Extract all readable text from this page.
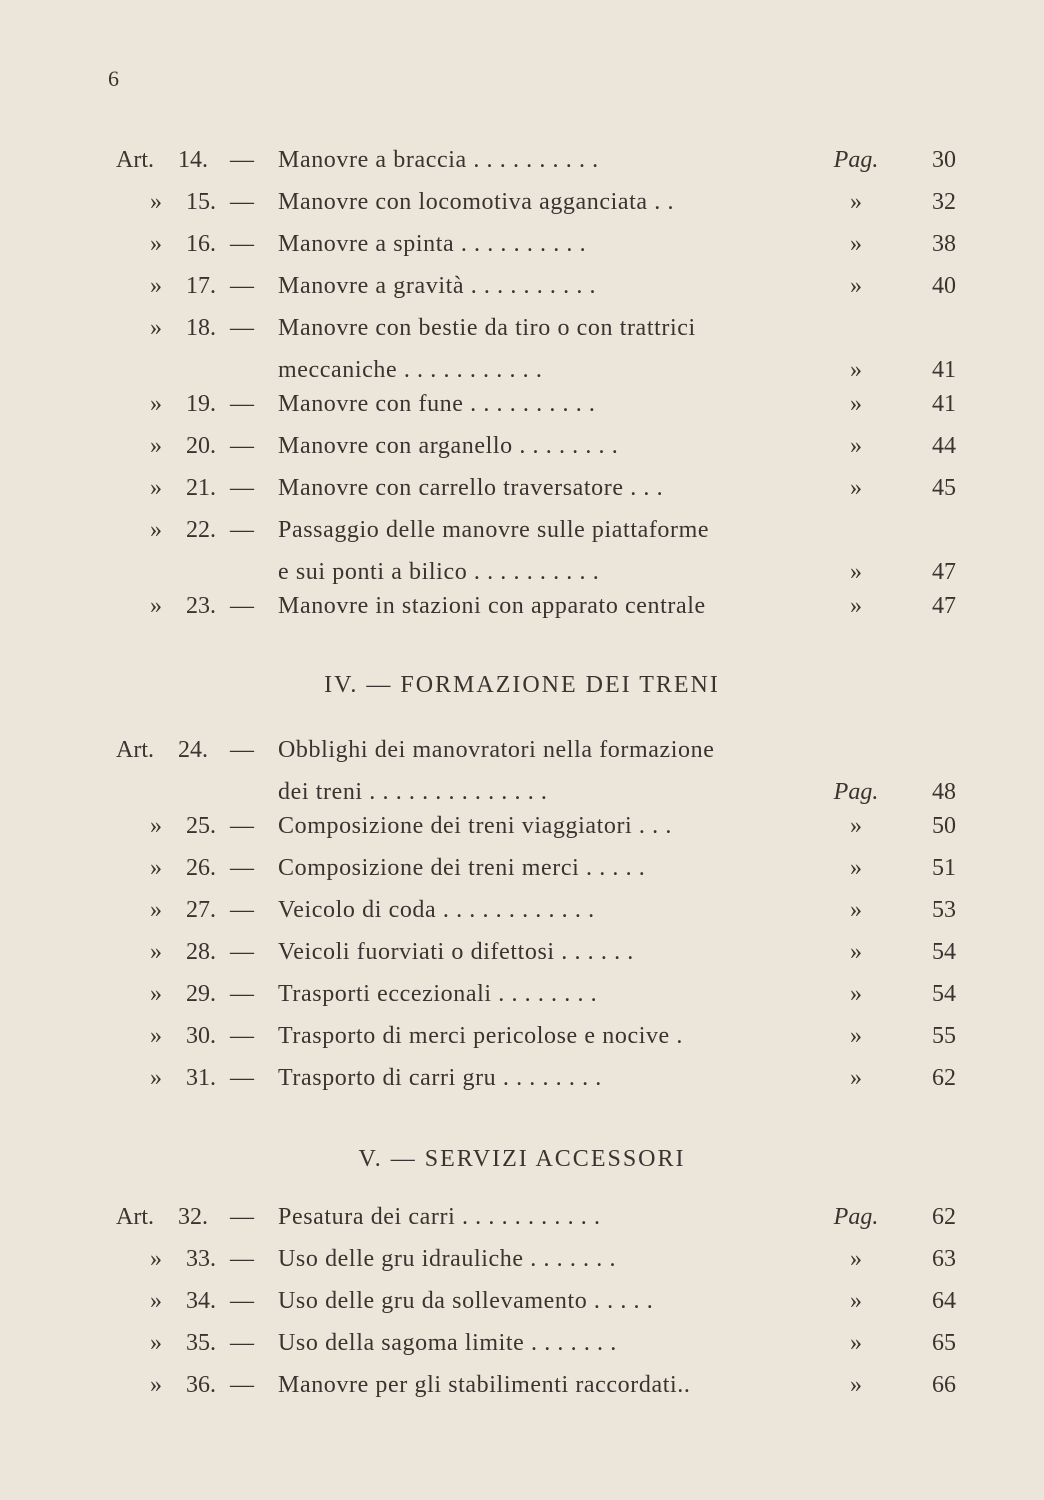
6
Art. 14. — Manovre a braccia . . . . . . . . . .	Pag.	30
» 15. — Manovre con locomotiva agganciata . .	»	32
» 16. — Manovre a spinta . . . . . . . . . .	»	38
» 17. — Manovre a gravità . . . . . . . . . .	»	40
» 18. — Manovre con bestie da tiro o con trattrici
meccaniche . . . . . . . . . . .	»	41
» 19. — Manovre con fune . . . . . . . . . .	»	41
» 20. — Manovre con arganello . . . . . . . .	»	44
» 21. — Manovre con carrello traversatore . . .	»	45
» 22. — Passaggio delle manovre sulle piattaforme
e sui ponti a bilico . . . . . . . . . .	»	47
» 23. — Manovre in stazioni con apparato centrale	»	47
IV. — FORMAZIONE DEI TRENI
Art. 24. — Obblighi dei manovratori nella formazione
dei treni . . . . . . . . . . . . . .	Pag.	48
» 25. — Composizione dei treni viaggiatori . . .	»	50
» 26. — Composizione dei treni merci . . . . .	»	51
» 27. — Veicolo di coda . . . . . . . . . . . .	»	53
» 28. — Veicoli fuorviati o difettosi . . . . . .	»	54
» 29. — Trasporti eccezionali . . . . . . . .	»	54
» 30. — Trasporto di merci pericolose e nocive .	»	55
» 31. — Trasporto di carri gru . . . . . . . .	»	62
V. — SERVIZI ACCESSORI
Art. 32. — Pesatura dei carri . . . . . . . . . . .	Pag.	62
» 33. — Uso delle gru idrauliche . . . . . . .	»	63
» 34. — Uso delle gru da sollevamento . . . . .	»	64
» 35. — Uso della sagoma limite . . . . . . .	»	65
» 36. — Manovre per gli stabilimenti raccordati..	»	66
